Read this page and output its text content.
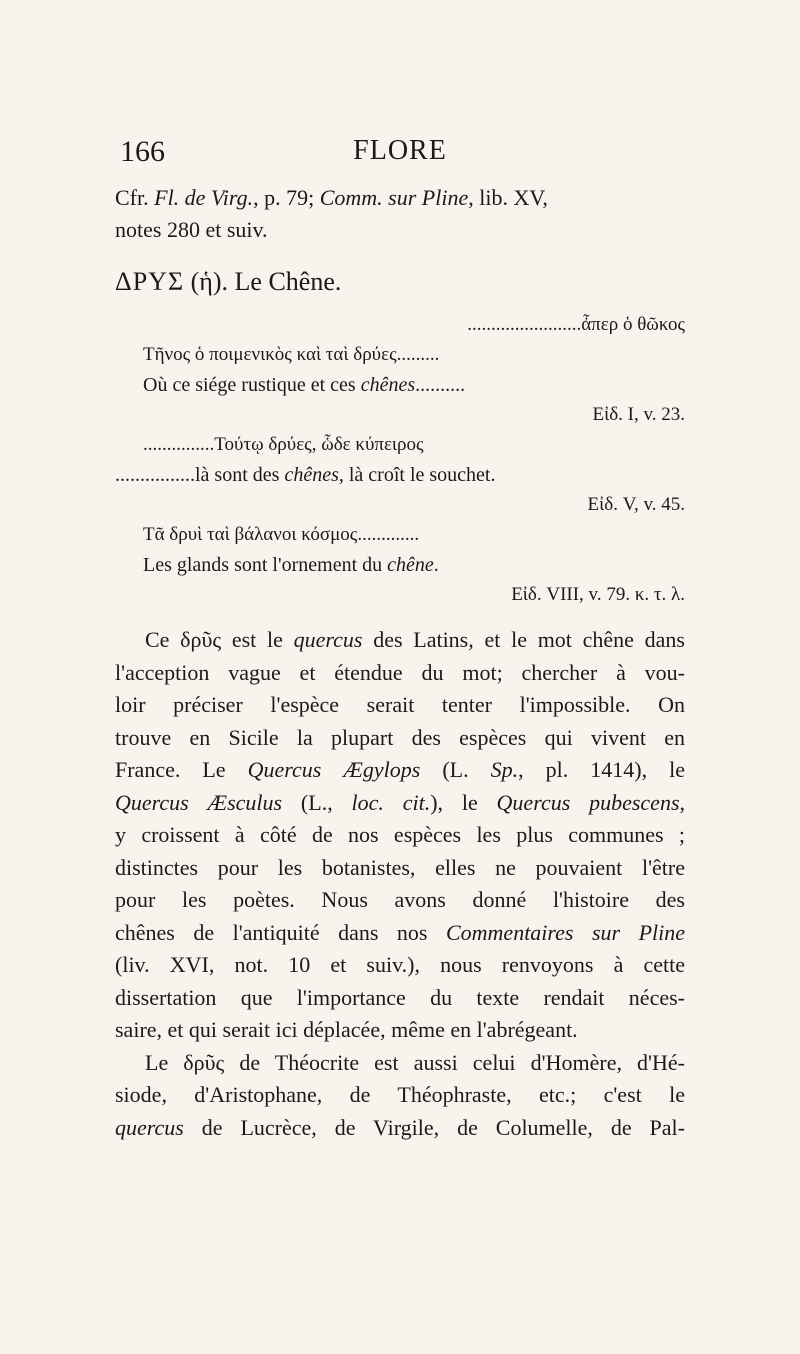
166	FLORE
Cfr. Fl. de Virg., p. 79; Comm. sur Pline, lib. XV,
notes 280 et suiv.
ΔΡΥΣ (ἡ). Le Chêne.
........................ἆπερ ὁ θῶκος
Τῆνος ὁ ποιμενικὸς καὶ ταὶ δρύες.........
Où ce siége rustique et ces chênes..........
Εἰδ. I, v. 23.
...............Τούτῳ δρύες, ὧδε κύπειρος
................là sont des chênes, là croît le souchet.
Εἰδ. V, v. 45.
Τᾶ δρυὶ ταὶ βάλανοι κόσμος.............
Les glands sont l'ornement du chêne.
Εἰδ. VIII, v. 79. κ. τ. λ.
Ce δρῦς est le quercus des Latins, et le mot chêne dans
l'acception vague et étendue du mot; chercher à vou-
loir préciser l'espèce serait tenter l'impossible. On
trouve en Sicile la plupart des espèces qui vivent en
France. Le Quercus Ægylops (L. Sp., pl. 1414), le
Quercus Æsculus (L., loc. cit.), le Quercus pubescens,
y croissent à côté de nos espèces les plus communes ;
distinctes pour les botanistes, elles ne pouvaient l'être
pour les poètes. Nous avons donné l'histoire des
chênes de l'antiquité dans nos Commentaires sur Pline
(liv. XVI, not. 10 et suiv.), nous renvoyons à cette
dissertation que l'importance du texte rendait néces-
saire, et qui serait ici déplacée, même en l'abrégeant.
Le δρῦς de Théocrite est aussi celui d'Homère, d'Hé-
siode, d'Aristophane, de Théophraste, etc.; c'est le
quercus de Lucrèce, de Virgile, de Columelle, de Pal-
